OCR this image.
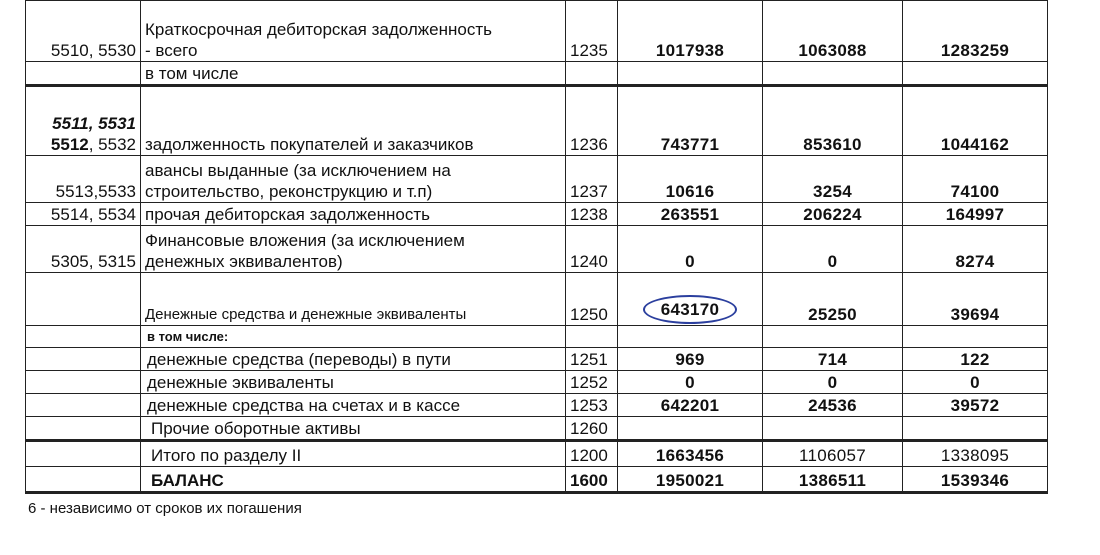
5510, 5530	Краткосрочная дебиторская задолженность
- всего	1235	1017938	1063088	1283259
	в том числе				

5511, 5531
5512, 5532	задолженность покупателей и заказчиков	1236	743771	853610	1044162
5513,5533	авансы выданные (за исключением на
строительство, реконструкцию и т.п)	1237	10616	3254	74100
5514, 5534	прочая дебиторская задолженность	1238	263551	206224	164997
5305, 5315	Финансовые вложения (за исключением
денежных эквивалентов)	1240	0	0	8274
	Денежные средства и денежные эквиваленты	1250	643170	25250	39694
	в том числе:				
	денежные средства (переводы) в пути	1251	969	714	122
	денежные эквиваленты	1252	0	0	0
	денежные средства на счетах и в кассе	1253	642201	24536	39572
	Прочие оборотные активы	1260			
	Итого по разделу II	1200	1663456	1106057	1338095
	БАЛАНС	1600	1950021	1386511	1539346
6 - независимо от сроков их погашения
